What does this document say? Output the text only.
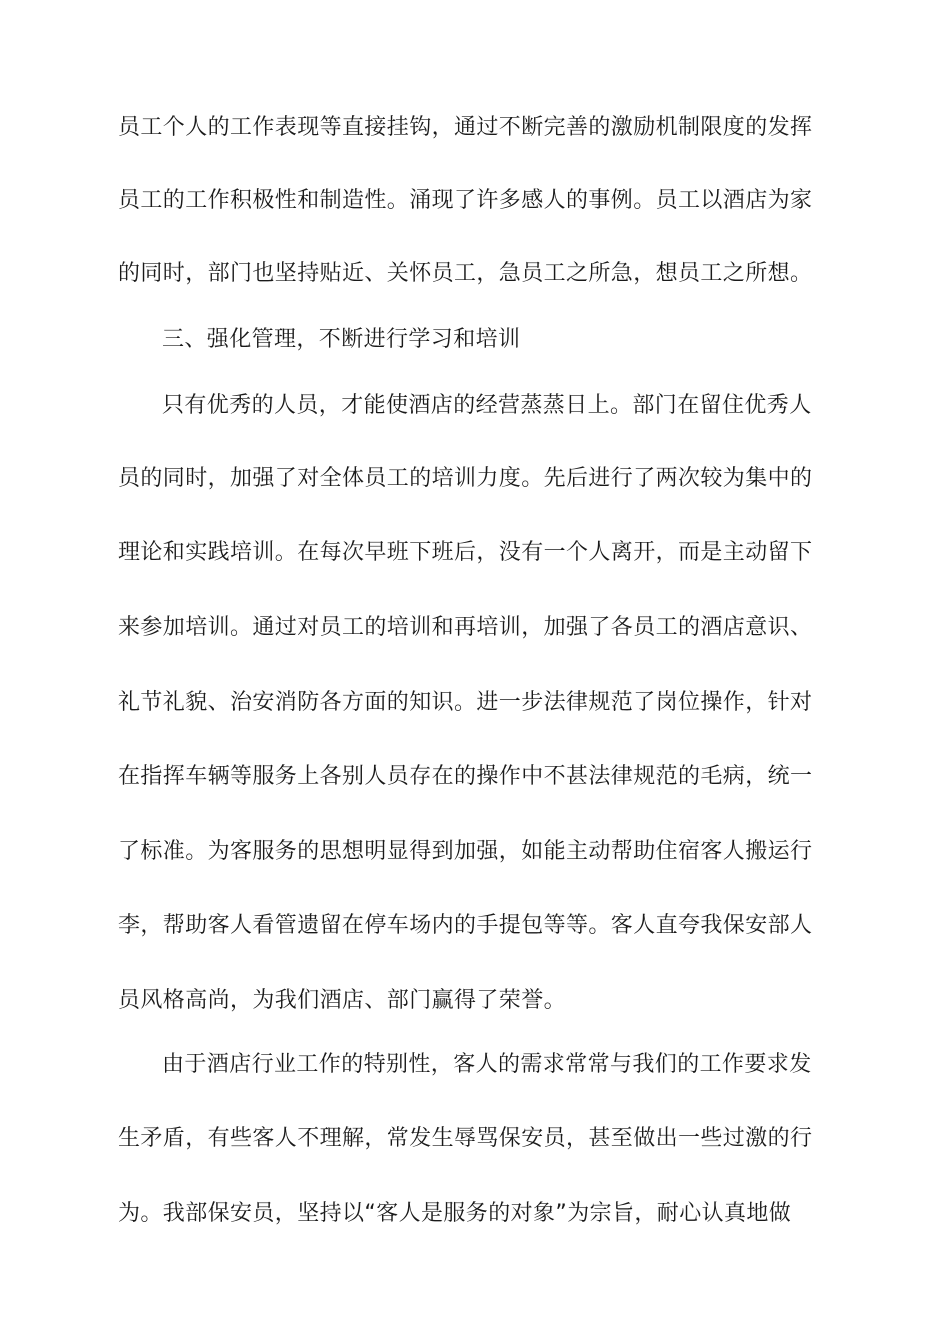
员工个人的工作表现等直接挂钩，通过不断完善的激励机制限度的发挥
员工的工作积极性和制造性。涌现了许多感人的事例。员工以酒店为家
的同时，部门也坚持贴近、关怀员工，急员工之所急，想员工之所想。
三、强化管理，不断进行学习和培训
只有优秀的人员，才能使酒店的经营蒸蒸日上。部门在留住优秀人
员的同时，加强了对全体员工的培训力度。先后进行了两次较为集中的
理论和实践培训。在每次早班下班后，没有一个人离开，而是主动留下
来参加培训。通过对员工的培训和再培训，加强了各员工的酒店意识、
礼节礼貌、治安消防各方面的知识。进一步法律规范了岗位操作，针对
在指挥车辆等服务上各别人员存在的操作中不甚法律规范的毛病，统一
了标准。为客服务的思想明显得到加强，如能主动帮助住宿客人搬运行
李，帮助客人看管遗留在停车场内的手提包等等。客人直夸我保安部人
员风格高尚，为我们酒店、部门赢得了荣誉。
由于酒店行业工作的特别性，客人的需求常常与我们的工作要求发
生矛盾，有些客人不理解，常发生辱骂保安员，甚至做出一些过激的行
为。我部保安员，坚持以“客人是服务的对象”为宗旨，耐心认真地做
